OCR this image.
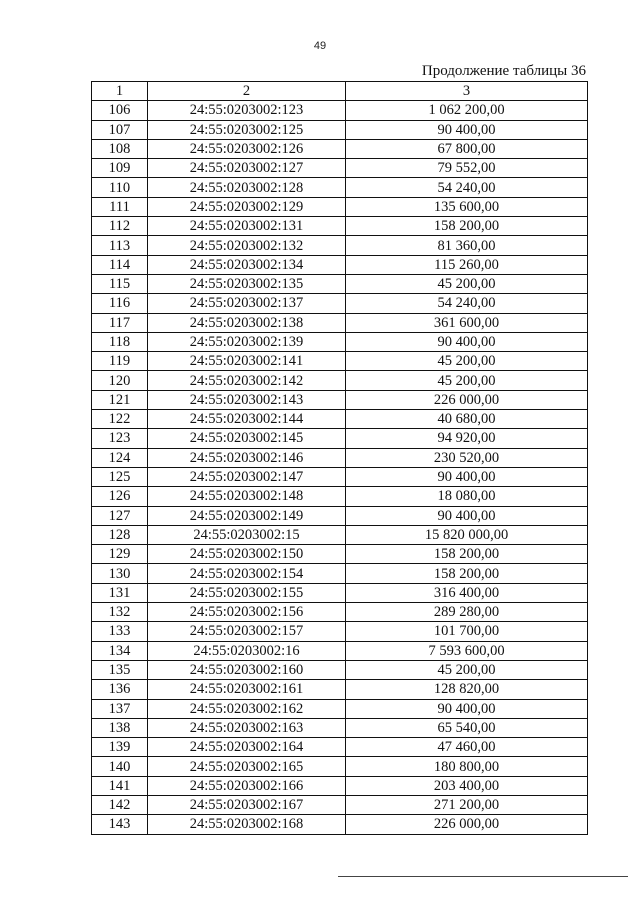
49
Продолжение таблицы 36
1	2	3
106	24:55:0203002:123	1 062 200,00
107	24:55:0203002:125	90 400,00
108	24:55:0203002:126	67 800,00
109	24:55:0203002:127	79 552,00
110	24:55:0203002:128	54 240,00
111	24:55:0203002:129	135 600,00
112	24:55:0203002:131	158 200,00
113	24:55:0203002:132	81 360,00
114	24:55:0203002:134	115 260,00
115	24:55:0203002:135	45 200,00
116	24:55:0203002:137	54 240,00
117	24:55:0203002:138	361 600,00
118	24:55:0203002:139	90 400,00
119	24:55:0203002:141	45 200,00
120	24:55:0203002:142	45 200,00
121	24:55:0203002:143	226 000,00
122	24:55:0203002:144	40 680,00
123	24:55:0203002:145	94 920,00
124	24:55:0203002:146	230 520,00
125	24:55:0203002:147	90 400,00
126	24:55:0203002:148	18 080,00
127	24:55:0203002:149	90 400,00
128	24:55:0203002:15	15 820 000,00
129	24:55:0203002:150	158 200,00
130	24:55:0203002:154	158 200,00
131	24:55:0203002:155	316 400,00
132	24:55:0203002:156	289 280,00
133	24:55:0203002:157	101 700,00
134	24:55:0203002:16	7 593 600,00
135	24:55:0203002:160	45 200,00
136	24:55:0203002:161	128 820,00
137	24:55:0203002:162	90 400,00
138	24:55:0203002:163	65 540,00
139	24:55:0203002:164	47 460,00
140	24:55:0203002:165	180 800,00
141	24:55:0203002:166	203 400,00
142	24:55:0203002:167	271 200,00
143	24:55:0203002:168	226 000,00
